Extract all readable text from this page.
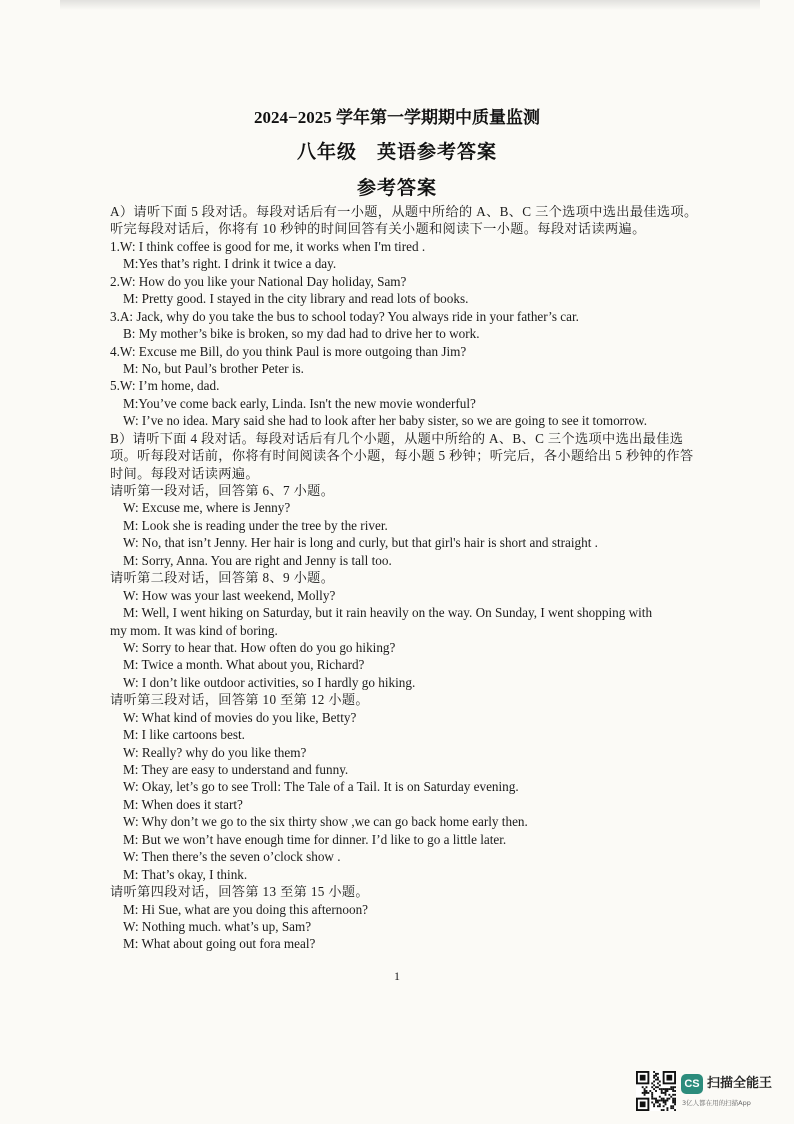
2024−2025 学年第一学期期中质量监测
八年级　英语参考答案
参考答案
A）请听下面 5 段对话。每段对话后有一小题，从题中所给的 A、B、C 三个选项中选出最佳选项。
听完每段对话后，你将有 10 秒钟的时间回答有关小题和阅读下一小题。每段对话读两遍。
1.W: I think coffee is good for me, it works when I'm tired .
M:Yes that’s right. I drink it twice a day.
2.W: How do you like your National Day holiday, Sam?
M: Pretty good. I stayed in the city library and read lots of books.
3.A: Jack, why do you take the bus to school today? You always ride in your father’s car.
B: My mother’s bike is broken, so my dad had to drive her to work.
4.W: Excuse me Bill, do you think Paul is more outgoing than Jim?
M: No, but Paul’s brother Peter is.
5.W: I’m home, dad.
M:You’ve come back early, Linda. Isn't the new movie wonderful?
W: I’ve no idea. Mary said she had to look after her baby sister, so we are going to see it tomorrow.
B）请听下面 4 段对话。每段对话后有几个小题，从题中所给的 A、B、C 三个选项中选出最佳选
项。听每段对话前，你将有时间阅读各个小题，每小题 5 秒钟；听完后，各小题给出 5 秒钟的作答
时间。每段对话读两遍。
请听第一段对话，回答第 6、7 小题。
W: Excuse me, where is Jenny?
M: Look she is reading under the tree by the river.
W: No, that isn’t Jenny. Her hair is long and curly, but that girl's hair is short and straight .
M: Sorry, Anna. You are right and Jenny is tall too.
请听第二段对话，回答第 8、9 小题。
W: How was your last weekend, Molly?
M: Well, I went hiking on Saturday, but it rain heavily on the way. On Sunday, I went shopping with
my mom. It was kind of boring.
W: Sorry to hear that. How often do you go hiking?
M: Twice a month. What about you, Richard?
W: I don’t like outdoor activities, so I hardly go hiking.
请听第三段对话，回答第 10 至第 12 小题。
W: What kind of movies do you like, Betty?
M: I like cartoons best.
W: Really? why do you like them?
M: They are easy to understand and funny.
W: Okay, let’s go to see Troll: The Tale of a Tail. It is on Saturday evening.
M: When does it start?
W: Why don’t we go to the six thirty show ,we can go back home early then.
M: But we won’t have enough time for dinner. I’d like to go a little later.
W: Then there’s the seven o’clock show .
M: That’s okay, I think.
请听第四段对话，回答第 13 至第 15 小题。
M: Hi Sue, what are you doing this afternoon?
W: Nothing much. what’s up, Sam?
M: What about going out fora meal?
1
CS 扫描全能王
3亿人都在用的扫描App
